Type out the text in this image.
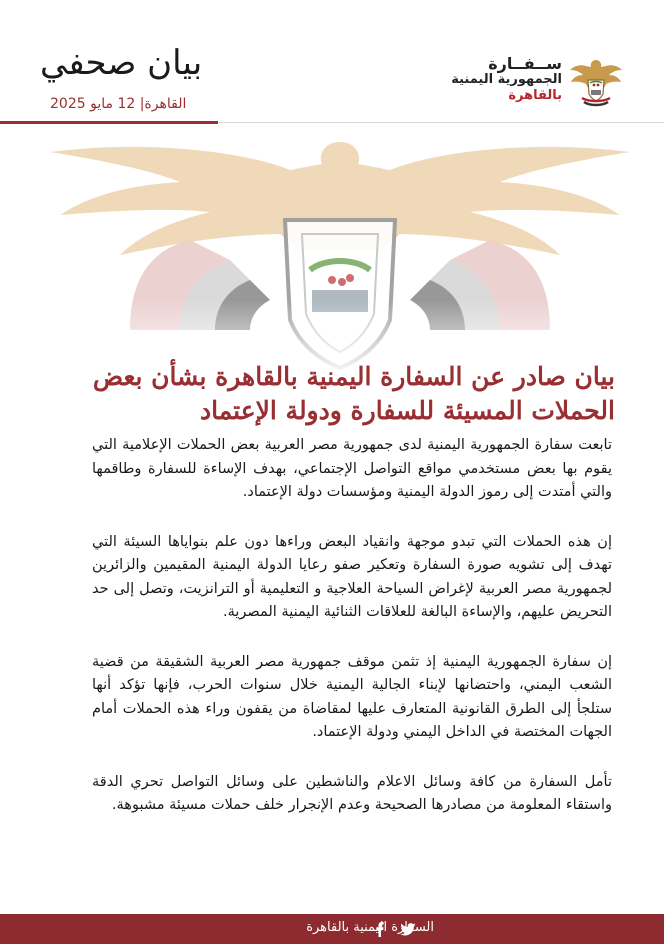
ســفــارة
الجمهورية اليمنية
بالقاهرة
بيان صحفي
القاهرة| 12 مايو 2025
بيان صادر عن السفارة اليمنية بالقاهرة بشأن بعض الحملات المسيئة للسفارة ودولة الإعتماد

تابعت سفارة الجمهورية اليمنية لدى جمهورية مصر العربية بعض الحملات الإعلامية التي يقوم بها بعض مستخدمي مواقع التواصل الإجتماعي، بهدف الإساءة للسفارة وطاقمها والتي أمتدت إلى رموز الدولة اليمنية ومؤسسات دولة الإعتماد.

إن هذه الحملات التي تبدو موجهة وانقياد البعض وراءها دون علم بنواياها السيئة التي تهدف إلى تشويه صورة السفارة وتعكير صفو رعايا الدولة اليمنية المقيمين والزائرين لجمهورية مصر العربية لإغراض السياحة العلاجية و التعليمية أو الترانزيت، وتصل إلى حد التحريض عليهم، والإساءة البالغة للعلاقات الثنائية اليمنية المصرية.

إن سفارة الجمهورية اليمنية إذ تثمن موقف جمهورية مصر العربية الشقيقة من قضية الشعب اليمني، واحتضانها لإبناء الجالية اليمنية خلال سنوات الحرب، فإنها تؤكد أنها ستلجأ إلى الطرق القانونية المتعارف عليها لمقاضاة من يقفون وراء هذه الحملات أمام الجهات المختصة في الداخل اليمني ودولة الإعتماد.

تأمل السفارة من كافة وسائل الاعلام والناشطين على وسائل التواصل تحري الدقة واستقاء المعلومة من مصادرها الصحيحة وعدم الإنجرار خلف حملات مسيئة مشبوهة.

السفارة اليمنية بالقاهرة
